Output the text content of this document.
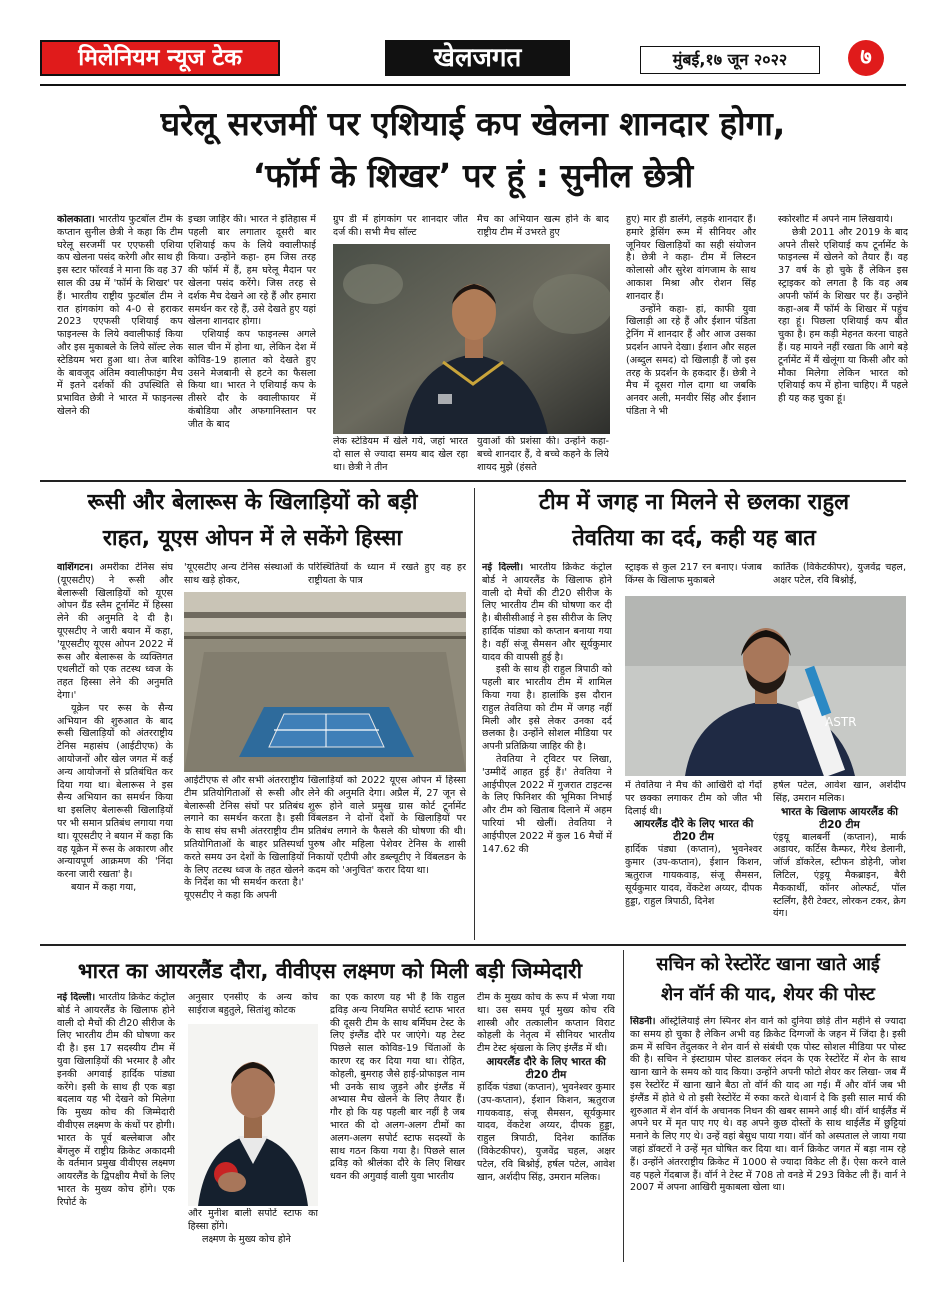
मिलेनियम न्यूज टेक	खेलजगत	मुंबई,१७ जून २०२२	७
घरेलू सरजमीं पर एशियाई कप खेलना शानदार होगा,
‘फॉर्म के शिखर’ पर हूं : सुनील छेत्री

कोलकाता। भारतीय फुटबॉल टीम के कप्तान सुनील छेत्री ने कहा कि टीम घरेलू सरजमीं पर एएफसी एशिया कप खेलना पसंद करेगी और साथ ही इस स्टार फॉरवर्ड ने माना कि वह 37 साल की उम्र में 'फॉर्म के शिखर' पर हैं। भारतीय राष्ट्रीय फुटबॉल टीम ने रात हांगकांग को 4-0 से हराकर 2023 एएफसी एशियाई कप फाइनल्स के लिये क्वालीफाई किया और इस मुकाबले के लिये सॉल्ट लेक स्टेडियम भरा हुआ था। तेज बारिश के बावजूद अंतिम क्वालीफाइंग मैच में इतने दर्शकों की उपस्थिति से प्रभावित छेत्री ने भारत में फाइनल्स खेलने की

इच्छा जाहिर की। भारत ने इतिहास में पहली बार लगातार दूसरी बार एशियाई कप के लिये क्वालीफाई किया। उन्होंने कहा- हम जिस तरह की फॉर्म में हैं, हम घरेलू मैदान पर खेलना पसंद करेंगे। जिस तरह से दर्शक मैच देखने आ रहे हैं और हमारा समर्थन कर रहे हैं, उसे देखते हुए यहां खेलना शानदार होगा।

एशियाई कप फाइनल्स अगले साल चीन में होना था, लेकिन देश में कोविड-19 हालात को देखते हुए उसने मेजबानी से हटने का फैसला किया था। भारत ने एशियाई कप के तीसरे दौर के क्वालीफायर में कंबोडिया और अफगानिस्तान पर जीत के बाद

ग्रुप डी में हांगकांग पर शानदार जीत दर्ज की। सभी मैच सॉल्ट

मैच का अभियान खत्म होने के बाद राष्ट्रीय टीम में उभरते हुए

लेक स्टेडियम में खेले गये, जहां भारत दो साल से ज्यादा समय बाद खेल रहा था। छेत्री ने तीन

युवाओं की प्रशंसा की। उन्होंने कहा- बच्चे शानदार हैं, वे बच्चे कहने के लिये शायद मुझे (हंसते

हुए) मार ही डालेंगे, लड़के शानदार हैं। हमारे ड्रेसिंग रूम में सीनियर और जूनियर खिलाड़ियों का सही संयोजन है। छेत्री ने कहा- टीम में लिस्टन कोलासो और सुरेश वांगजाम के साथ आकाश मिश्रा और रोशन सिंह शानदार हैं।

उन्होंने कहा- हां, काफी युवा खिलाड़ी आ रहे हैं और ईशान पंडिता ट्रेनिंग में शानदार हैं और आज उसका प्रदर्शन आपने देखा। ईशान और सहल (अब्दुल समद) दो खिलाड़ी हैं जो इस तरह के प्रदर्शन के हकदार हैं। छेत्री ने मैच में दूसरा गोल दागा था जबकि अनवर अली, मनवीर सिंह और ईशान पंडिता ने भी

स्कोरशीट में अपने नाम लिखवाये।

छेत्री 2011 और 2019 के बाद अपने तीसरे एशियाई कप टूर्नामेंट के फाइनल्स में खेलने को तैयार हैं। वह 37 वर्ष के हो चुके हैं लेकिन इस स्ट्राइकर को लगता है कि वह अब अपनी फॉर्म के शिखर पर हैं। उन्होंने कहा-अब मैं फॉर्म के शिखर में पहुंच रहा हूं। पिछला एशियाई कप बीत चुका है। हम कड़ी मेहनत करना चाहते हैं। यह मायने नहीं रखता कि आगे बड़े टूर्नामेंट में मैं खेलूंगा या किसी और को मौका मिलेगा लेकिन भारत को एशियाई कप में होना चाहिए। मैं पहले ही यह कह चुका हूं।

रूसी और बेलारूस के खिलाड़ियों को बड़ी
राहत, यूएस ओपन में ले सकेंगे हिस्सा

वाशिंगटन। अमरीका टेनिस संघ (यूएसटीए) ने रूसी और बेलारूसी खिलाड़ियों को यूएस ओपन ग्रैंड स्लैम टूर्नामेंट में हिस्सा लेने की अनुमति दे दी है। यूएसटीए ने जारी बयान में कहा, 'यूएसटीए यूएस ओपन 2022 में रूस और बेलारूस के व्यक्तिगत एथलीटों को एक तटस्थ ध्वज के तहत हिस्सा लेने की अनुमति देगा।'

यूक्रेन पर रूस के सैन्य अभियान की शुरुआत के बाद रूसी खिलाड़ियों को अंतरराष्ट्रीय टेनिस महासंघ (आईटीएफ) के आयोजनों और खेल जगत में कई अन्य आयोजनों से प्रतिबंधित कर दिया गया था। बेलारूस ने इस सैन्य अभियान का समर्थन किया था इसलिए बेलारूसी खिलाड़ियों पर भी समान प्रतिबंध लगाया गया था। यूएसटीए ने बयान में कहा कि वह यूक्रेन में रूस के अकारण और अन्यायपूर्ण आक्रमण की 'निंदा करना जारी रखता' है।

बयान में कहा गया,

'यूएसटीए अन्य टेनिस संस्थाओं के साथ खड़े होकर,

परिस्थितियों के ध्यान में रखते हुए वह हर राष्ट्रीयता के पात्र

आईटीएफ से और सभी अंतरराष्ट्रीय टीम प्रतियोगिताओं से रूसी और बेलारूसी टेनिस संघों पर प्रतिबंध लगाने का समर्थन करता है। इसी के साथ संघ सभी अंतरराष्ट्रीय टीम प्रतियोगिताओं के बाहर प्रतिस्पर्धा करते समय उन देशों के खिलाड़ियों के लिए तटस्थ ध्वज के तहत खेलने के निर्देश का भी समर्थन करता है।' यूएसटीए ने कहा कि अपनी

खिलाड़ियों को 2022 यूएस ओपन में हिस्सा लेने की अनुमति देगा। अप्रैल में, 27 जून से शुरू होने वाले प्रमुख ग्रास कोर्ट टूर्नामेंट विंबलडन ने दोनों देशों के खिलाड़ियों पर प्रतिबंध लगाने के फैसले की घोषणा की थी। पुरुष और महिला पेशेवर टेनिस के शासी निकायों एटीपी और डब्ल्यूटीए ने विंबलडन के कदम को 'अनुचित' करार दिया था।

टीम में जगह ना मिलने से छलका राहुल
तेवतिया का दर्द, कही यह बात

नई दिल्ली। भारतीय क्रिकेट कंट्रोल बोर्ड ने आयरलैंड के खिलाफ होने वाली दो मैचों की टी20 सीरीज के लिए भारतीय टीम की घोषणा कर दी है। बीसीसीआई ने इस सीरीज के लिए हार्दिक पांड्या को कप्तान बनाया गया है। वहीं संजू सैमसन और सूर्यकुमार यादव की वापसी हुई है।

इसी के साथ ही राहुल त्रिपाठी को पहली बार भारतीय टीम में शामिल किया गया है। हालांकि इस दौरान राहुल तेवतिया को टीम में जगह नहीं मिली और इसे लेकर उनका दर्द छलका है। उन्होंने सोशल मीडिया पर अपनी प्रतिक्रिया जाहिर की है।

तेवतिया ने ट्विटर पर लिखा, 'उम्मीदें आहत हुई हैं।' तेवतिया ने आईपीएल 2022 में गुजरात टाइटन्स के लिए फिनिशर की भूमिका निभाई और टीम को खिताब दिलाने में अहम पारियां भी खेलीं। तेवतिया ने आईपीएल 2022 में कुल 16 मैचों में 147.62 की

स्ट्राइक से कुल 217 रन बनाए। पंजाब किंग्स के खिलाफ मुकाबले

कार्तिक (विकेटकीपर), युजवेंद्र चहल, अक्षर पटेल, रवि बिश्नोई,

ASTR

में तेवतिया ने मैच की आखिरी दो गेंदों पर छक्का लगाकर टीम को जीत भी दिलाई थी।

आयरलैंड दौरे के लिए भारत की टी20 टीम

हार्दिक पंड्या (कप्तान), भुवनेश्वर कुमार (उप-कप्तान), ईशान किशन, ऋतुराज गायकवाड़, संजू सैमसन, सूर्यकुमार यादव, वेंकटेश अय्यर, दीपक हुड्डा, राहुल त्रिपाठी, दिनेश

हर्षल पटेल, आवेश खान, अर्शदीप सिंह, उमरान मलिक।

भारत के खिलाफ आयरलैंड की टी20 टीम

एंड्रयू बालबर्नी (कप्तान), मार्क अडायर, कर्टिस कैम्फर, गैरेथ डेलानी, जॉर्ज डॉकरेल, स्टीफन डोहेनी, जोश लिटिल, एंड्रयू मैकब्राइन, बैरी मैककार्थी, कॉनर ओल्फर्ट, पॉल स्टर्लिंग, हैरी टेक्टर, लोरकन टकर, क्रेग यंग।

भारत का आयरलैंड दौरा, वीवीएस लक्ष्मण को मिली बड़ी जिम्मेदारी

नई दिल्ली। भारतीय क्रिकेट कंट्रोल बोर्ड ने आयरलैंड के खिलाफ होने वाली दो मैचों की टी20 सीरीज के लिए भारतीय टीम की घोषणा कर दी है। इस 17 सदस्यीय टीम में युवा खिलाड़ियों की भरमार है और इनकी अगवाई हार्दिक पांड्या करेंगे। इसी के साथ ही एक बड़ा बदलाव यह भी देखने को मिलेगा कि मुख्य कोच की जिम्मेदारी वीवीएस लक्ष्मण के कंधों पर होगी। भारत के पूर्व बल्लेबाज और बेंगलुरु में राष्ट्रीय क्रिकेट अकादमी के वर्तमान प्रमुख वीवीएस लक्ष्मण आयरलैंड के द्विपक्षीय मैचों के लिए भारत के मुख्य कोच होंगे। एक रिपोर्ट के

अनुसार एनसीए के अन्य कोच साईराज बहुतुले, सितांशु कोटक

और मुनीश बाली सपोर्ट स्टाफ का हिस्सा होंगे।

लक्ष्मण के मुख्य कोच होने

का एक कारण यह भी है कि राहुल द्रविड़ अन्य नियमित सपोर्ट स्टाफ भारत की दूसरी टीम के साथ बर्मिंघम टेस्ट के लिए इंग्लैंड दौरे पर जाएंगे। यह टेस्ट पिछले साल कोविड-19 चिंताओं के कारण रद्द कर दिया गया था। रोहित, कोहली, बुमराह जैसे हाई-प्रोफाइल नाम भी उनके साथ जुड़ने और इंग्लैंड में अभ्यास मैच खेलने के लिए तैयार हैं। गौर हो कि यह पहली बार नहीं है जब भारत की दो अलग-अलग टीमों का अलग-अलग सपोर्ट स्टाफ सदस्यों के साथ गठन किया गया है। पिछले साल द्रविड़ को श्रीलंका दौरे के लिए शिखर धवन की अगुवाई वाली युवा भारतीय

टीम के मुख्य कोच के रूप में भेजा गया था। उस समय पूर्व मुख्य कोच रवि शास्त्री और तत्कालीन कप्तान विराट कोहली के नेतृत्व में सीनियर भारतीय टीम टेस्ट श्रृंखला के लिए इंग्लैंड में थी।

आयरलैंड दौरे के लिए भारत की टी20 टीम

हार्दिक पंड्या (कप्तान), भुवनेश्वर कुमार (उप-कप्तान), ईशान किशन, ऋतुराज गायकवाड़, संजू सैमसन, सूर्यकुमार यादव, वेंकटेश अय्यर, दीपक हुड्डा, राहुल त्रिपाठी, दिनेश कार्तिक (विकेटकीपर), युजवेंद्र चहल, अक्षर पटेल, रवि बिश्नोई, हर्षल पटेल, आवेश खान, अर्शदीप सिंह, उमरान मलिक।

सचिन को रेस्टोरेंट खाना खाते आई
शेन वॉर्न की याद, शेयर की पोस्ट

सिडनी। ऑस्ट्रेलियाई लेग स्पिनर शेन वार्न को दुनिया छोड़े तीन महीने से ज्यादा का समय हो चुका है लेकिन अभी वह क्रिकेट दिग्गजों के जहन में जिंदा है। इसी क्रम में सचिन तेंदुलकर ने शेन वार्न से संबंधी एक पोस्ट सोशल मीडिया पर पोस्ट की है। सचिन ने इंस्टाग्राम पोस्ट डालकर लंदन के एक रेस्टोरेंट में शेन के साथ खाना खाने के समय को याद किया। उन्होंने अपनी फोटो शेयर कर लिखा- जब मैं इस रेस्टोरेंट में खाना खाने बैठा तो वॉर्न की याद आ गई। मैं और वॉर्न जब भी इंग्लैंड में होते थे तो इसी रेस्टोरेंट में रुका करते थे।वार्न दे कि इसी साल मार्च की शुरुआत में शेन वॉर्न के अचानक निधन की खबर सामने आई थी। वॉर्न थाईलैंड में अपने घर में मृत पाए गए थे। वह अपने कुछ दोस्तों के साथ थाईलैंड में छुट्टियां मनाने के लिए गए थे। उन्हें वहां बेसुध पाया गया। वॉर्न को अस्पताल ले जाया गया जहां डॉक्टरों ने उन्हें मृत घोषित कर दिया था। वार्न क्रिकेट जगत में बड़ा नाम रहे हैं। उन्होंने अंतरराष्ट्रीय क्रिकेट में 1000 से ज्यादा विकेट ली हैं। ऐसा करने वाले वह पहले गेंदबाज हैं। वॉर्न ने टेस्ट में 708 तो वनडे में 293 विकेट ली हैं। वार्न ने 2007 में अपना आखिरी मुकाबला खेला था।
